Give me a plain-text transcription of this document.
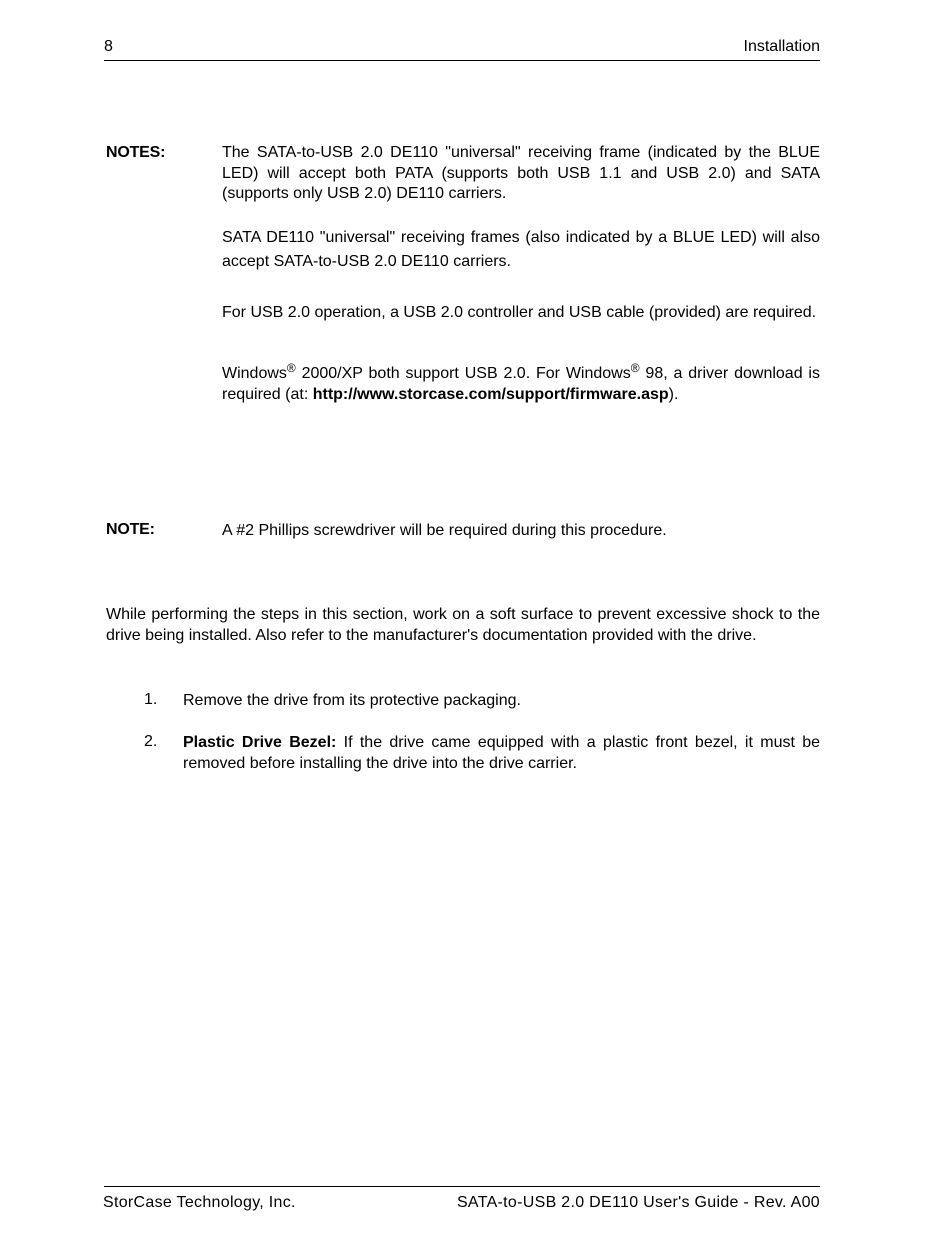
8	Installation
NOTES:	The SATA-to-USB 2.0 DE110 "universal" receiving frame (indicated by the BLUE LED) will accept both PATA (supports both USB 1.1 and USB 2.0) and SATA (supports only USB 2.0) DE110 carriers.
SATA DE110 "universal" receiving frames (also indicated by a BLUE LED) will also accept SATA-to-USB 2.0 DE110 carriers.
For USB 2.0 operation, a USB 2.0 controller and USB cable (provided) are required.
Windows® 2000/XP both support USB 2.0. For Windows® 98, a driver download is required (at: http://www.storcase.com/support/firmware.asp).
NOTE:	A #2 Phillips screwdriver will be required during this procedure.
While performing the steps in this section, work on a soft surface to prevent excessive shock to the drive being installed. Also refer to the manufacturer's documentation provided with the drive.
1. Remove the drive from its protective packaging.
2. Plastic Drive Bezel: If the drive came equipped with a plastic front bezel, it must be removed before installing the drive into the drive carrier.
StorCase Technology, Inc.	SATA-to-USB 2.0 DE110 User's Guide - Rev. A00
